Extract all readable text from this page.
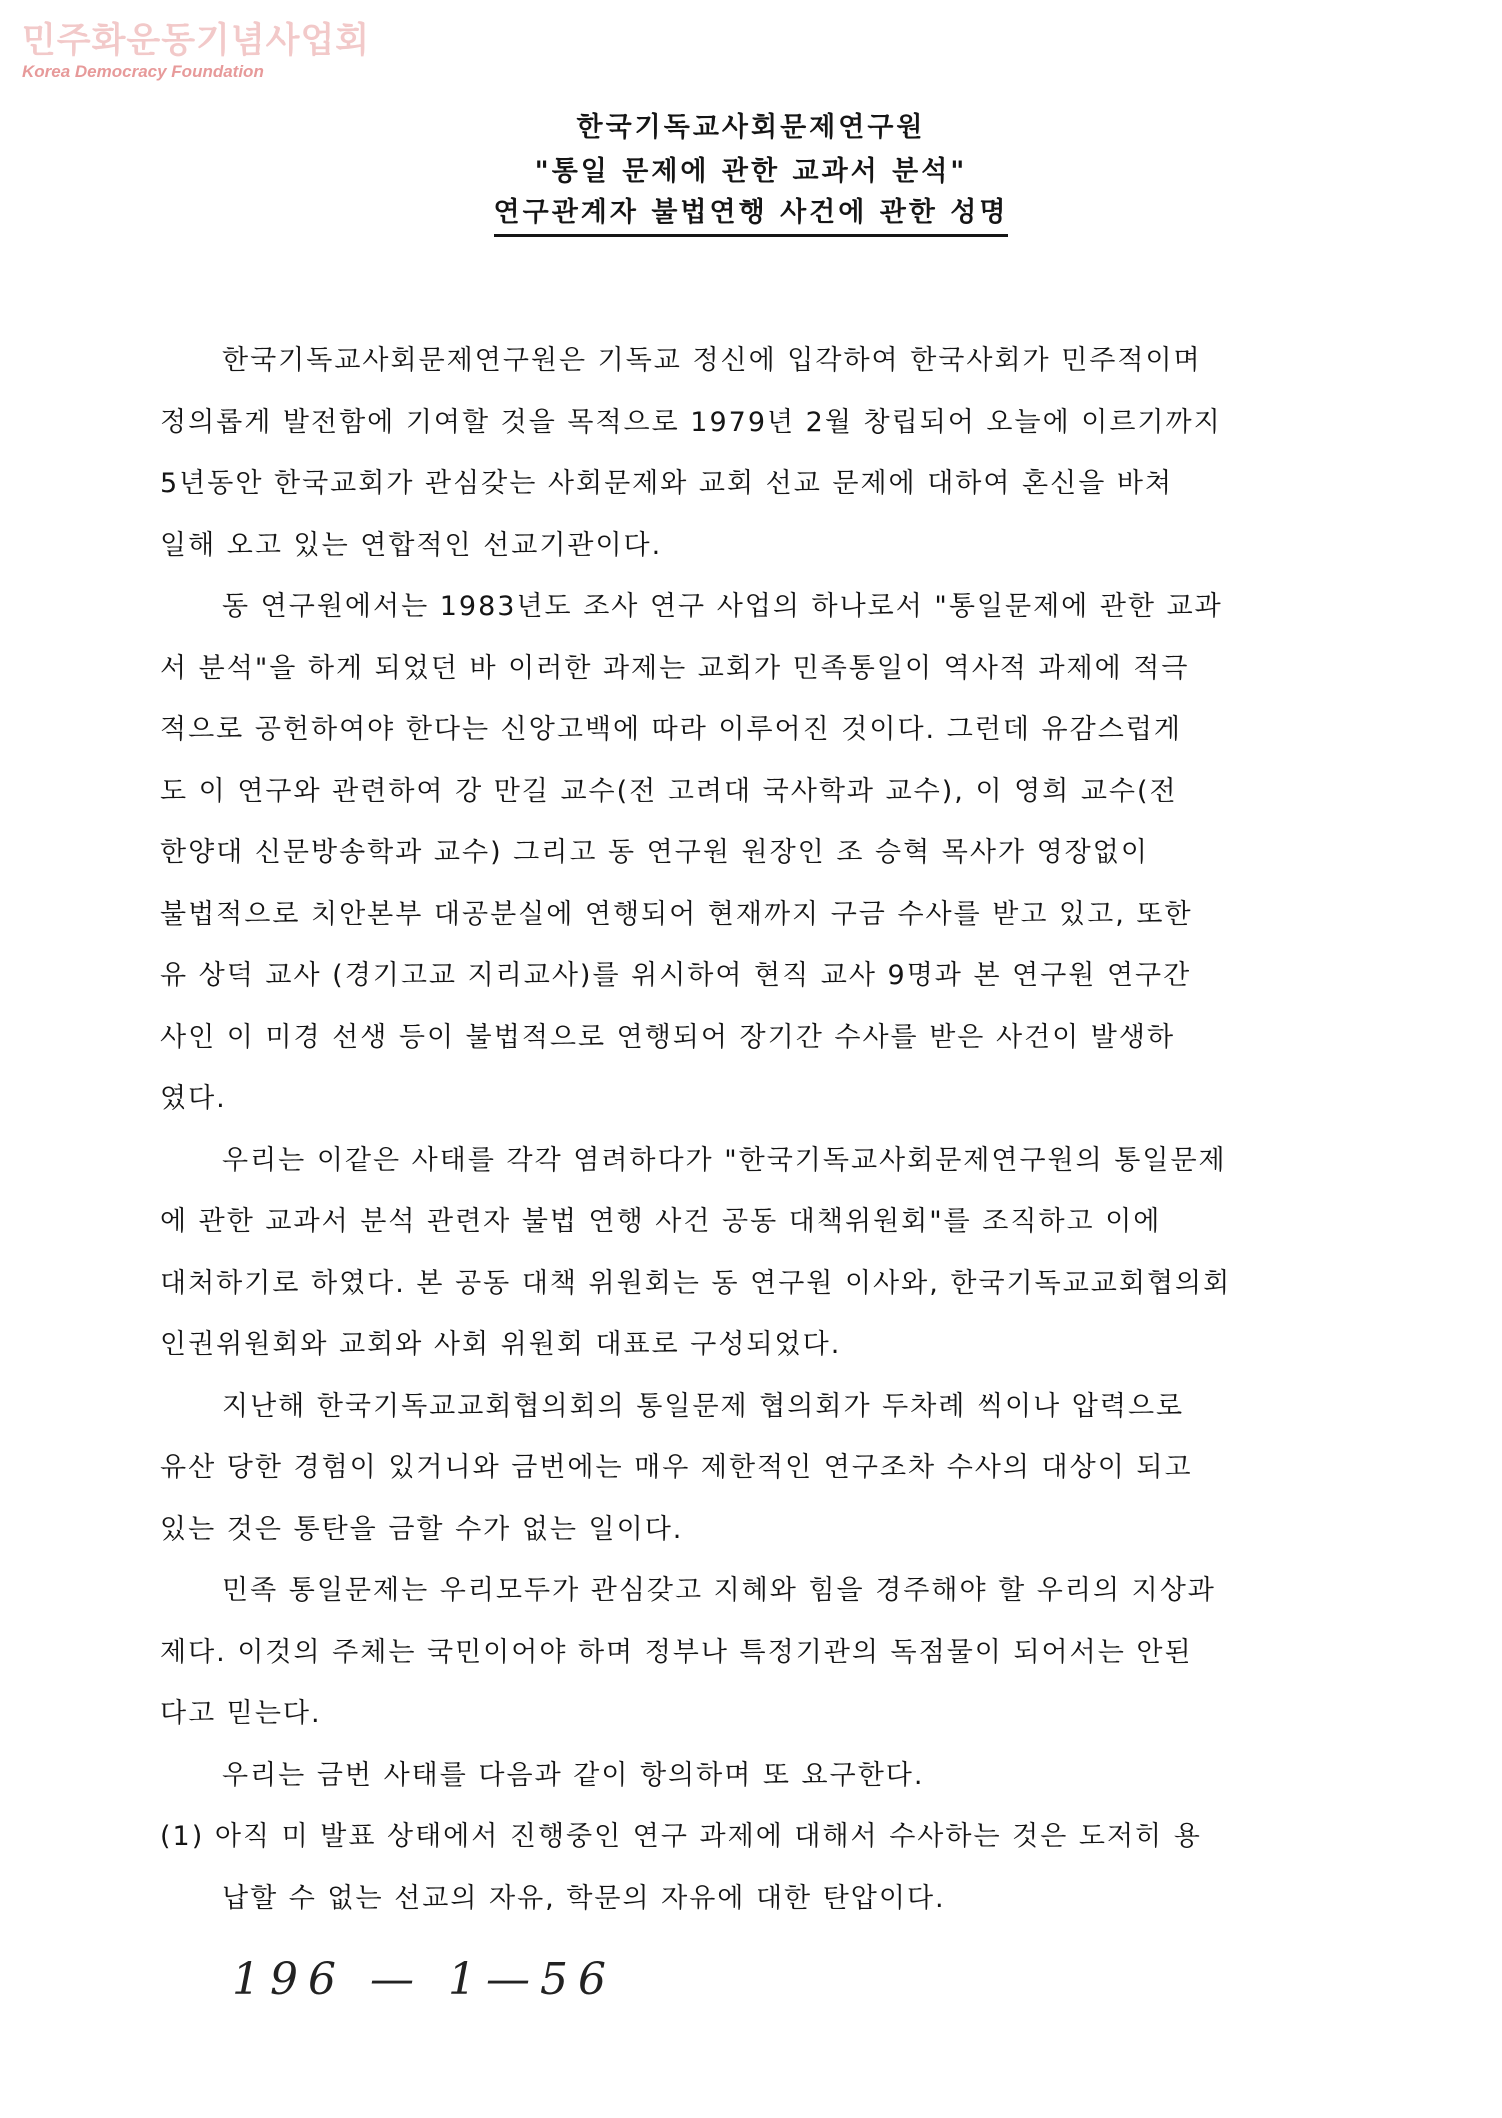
민주화운동기념사업회
Korea Democracy Foundation
한국기독교사회문제연구원
"통일 문제에 관한 교과서 분석"
연구관계자 불법연행 사건에 관한 성명
한국기독교사회문제연구원은 기독교 정신에 입각하여 한국사회가 민주적이며
정의롭게 발전함에 기여할 것을 목적으로 1979년 2월 창립되어 오늘에 이르기까지
5년동안 한국교회가 관심갖는 사회문제와 교회 선교 문제에 대하여 혼신을 바쳐
일해 오고 있는 연합적인 선교기관이다.
동 연구원에서는 1983년도 조사 연구 사업의 하나로서 "통일문제에 관한 교과
서 분석"을 하게 되었던 바 이러한 과제는 교회가 민족통일이 역사적 과제에 적극
적으로 공헌하여야 한다는 신앙고백에 따라 이루어진 것이다. 그런데 유감스럽게
도 이 연구와 관련하여 강 만길 교수(전 고려대 국사학과 교수), 이 영희 교수(전
한양대 신문방송학과 교수) 그리고 동 연구원 원장인 조 승혁 목사가 영장없이
불법적으로 치안본부 대공분실에 연행되어 현재까지 구금 수사를 받고 있고, 또한
유 상덕 교사 (경기고교 지리교사)를 위시하여 현직 교사 9명과 본 연구원 연구간
사인 이 미경 선생 등이 불법적으로 연행되어 장기간 수사를 받은 사건이 발생하
였다.
우리는 이같은 사태를 각각 염려하다가 "한국기독교사회문제연구원의 통일문제
에 관한 교과서 분석 관련자 불법 연행 사건 공동 대책위원회"를 조직하고 이에
대처하기로 하였다. 본 공동 대책 위원회는 동 연구원 이사와, 한국기독교교회협의회
인권위원회와 교회와 사회 위원회 대표로 구성되었다.
지난해 한국기독교교회협의회의 통일문제 협의회가 두차례 씩이나 압력으로
유산 당한 경험이 있거니와 금번에는 매우 제한적인 연구조차 수사의 대상이 되고
있는 것은 통탄을 금할 수가 없는 일이다.
민족 통일문제는 우리모두가 관심갖고 지혜와 힘을 경주해야 할 우리의 지상과
제다. 이것의 주체는 국민이어야 하며 정부나 특정기관의 독점물이 되어서는 안된
다고 믿는다.
우리는 금번 사태를 다음과 같이 항의하며 또 요구한다.
(1) 아직 미 발표 상태에서 진행중인 연구 과제에 대해서 수사하는 것은 도저히 용
납할 수 없는 선교의 자유, 학문의 자유에 대한 탄압이다.
196 — 1—56
